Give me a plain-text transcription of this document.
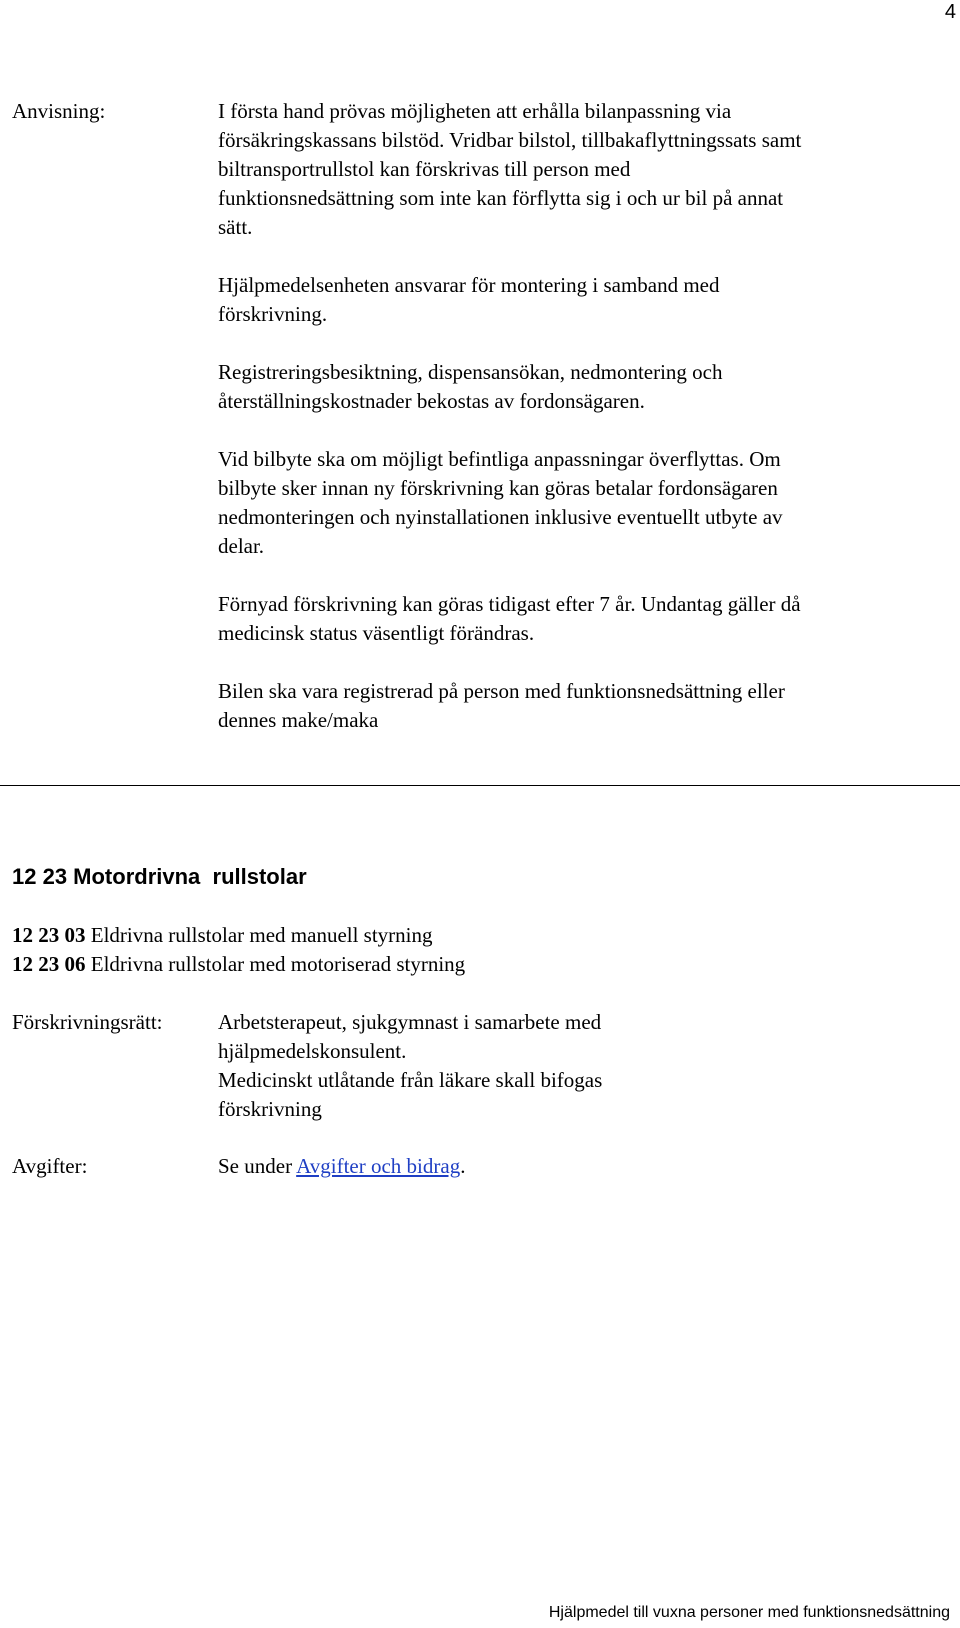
4
Anvisning:	I första hand prövas möjligheten att erhålla bilanpassning via försäkringskassans bilstöd. Vridbar bilstol, tillbakaflyttningssats samt biltransportrullstol kan förskrivas till person med funktionsnedsättning som inte kan förflytta sig i och ur bil på annat sätt.

Hjälpmedelsenheten ansvarar för montering i samband med förskrivning.

Registreringsbesiktning, dispensansökan, nedmontering och återställningskostnader bekostas av fordonsägaren.

Vid bilbyte ska om möjligt befintliga anpassningar överflyttas. Om bilbyte sker innan ny förskrivning kan göras betalar fordonsägaren nedmonteringen och nyinstallationen inklusive eventuellt utbyte av delar.

Förnyad förskrivning kan göras tidigast efter 7 år. Undantag gäller då medicinsk status väsentligt förändras.

Bilen ska vara registrerad på person med funktionsnedsättning eller dennes make/maka

12 23 Motordrivna  rullstolar
12 23 03 Eldrivna rullstolar med manuell styrning
12 23 06 Eldrivna rullstolar med motoriserad styrning
Förskrivningsrätt:	Arbetsterapeut, sjukgymnast i samarbete med hjälpmedelskonsulent.
Medicinskt utlåtande från läkare skall bifogas förskrivning
Avgifter:	Se under Avgifter och bidrag.
Hjälpmedel till vuxna personer med funktionsnedsättning
